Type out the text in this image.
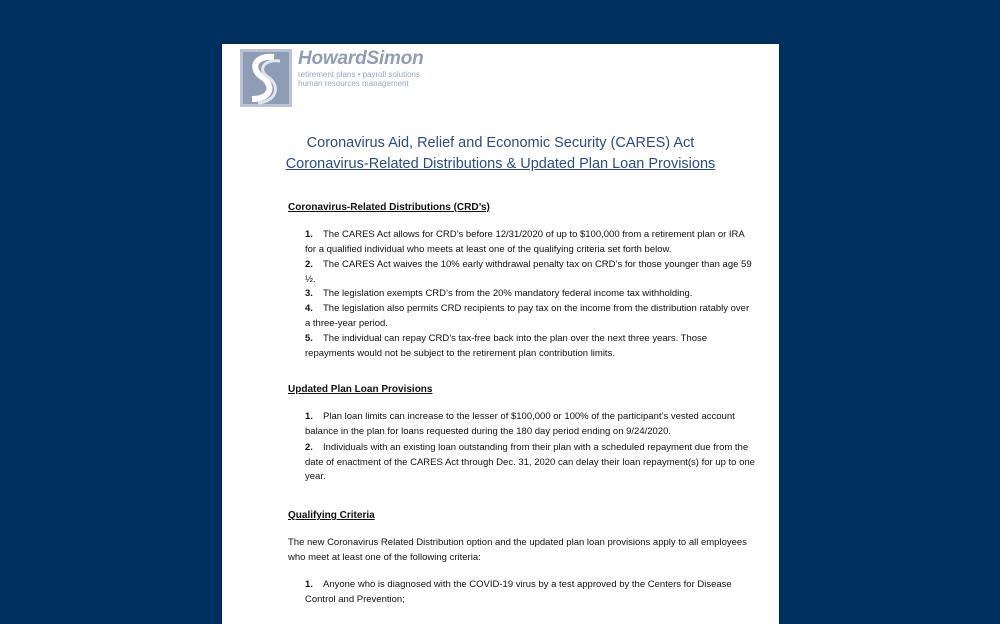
HowardSimon
retirement plans • payroll solutions
human resources management
Coronavirus Aid, Relief and Economic Security (CARES) Act
Coronavirus-Related Distributions & Updated Plan Loan Provisions
Coronavirus-Related Distributions (CRD’s)
1. The CARES Act allows for CRD’s before 12/31/2020 of up to $100,000 from a retirement plan or IRA for a qualified individual who meets at least one of the qualifying criteria set forth below.
2. The CARES Act waives the 10% early withdrawal penalty tax on CRD’s for those younger than age 59 ½.
3. The legislation exempts CRD’s from the 20% mandatory federal income tax withholding.
4. The legislation also permits CRD recipients to pay tax on the income from the distribution ratably over a three-year period.
5. The individual can repay CRD’s tax-free back into the plan over the next three years. Those repayments would not be subject to the retirement plan contribution limits.
Updated Plan Loan Provisions
1. Plan loan limits can increase to the lesser of $100,000 or 100% of the participant’s vested account balance in the plan for loans requested during the 180 day period ending on 9/24/2020.
2. Individuals with an existing loan outstanding from their plan with a scheduled repayment due from the date of enactment of the CARES Act through Dec. 31, 2020 can delay their loan repayment(s) for up to one year.
Qualifying Criteria
The new Coronavirus Related Distribution option and the updated plan loan provisions apply to all employees who meet at least one of the following criteria:
1. Anyone who is diagnosed with the COVID-19 virus by a test approved by the Centers for Disease Control and Prevention;
